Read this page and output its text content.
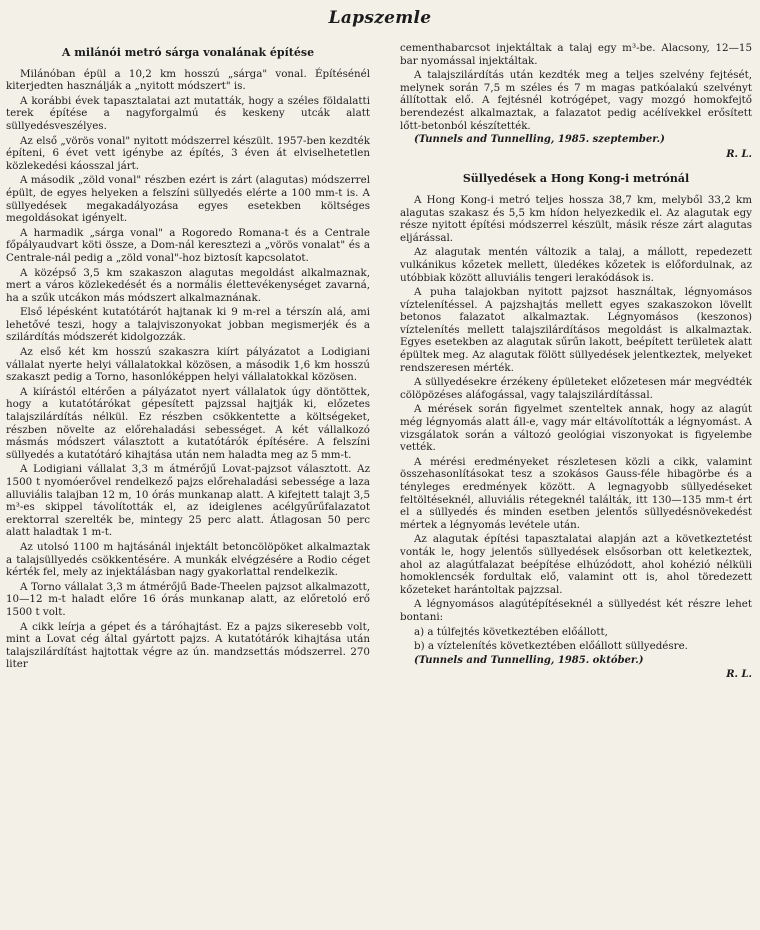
Lapszemle
A milánói metró sárga vonalának építése

Milánóban épül a 10,2 km hosszú „sárga" vonal. Építésénél kiterjedten használják a „nyitott módszert" is.

A korábbi évek tapasztalatai azt mutatták, hogy a széles földalatti terek építése a nagyforgalmú és keskeny utcák alatt süllyedésveszélyes.

Az első „vörös vonal" nyitott módszerrel készült. 1957-ben kezdték építeni, 6 évet vett igénybe az építés, 3 éven át elviselhetetlen közlekedési káosszal járt.

A második „zöld vonal" részben ezért is zárt (alagutas) módszerrel épült, de egyes helyeken a felszíni süllyedés elérte a 100 mm-t is. A süllyedések megakadályozása egyes esetekben költséges megoldásokat igényelt.

A harmadik „sárga vonal" a Rogoredo Romana-t és a Centrale főpályaudvart köti össze, a Dom-nál keresztezi a „vörös vonalat" és a Centrale-nál pedig a „zöld vonal"-hoz biztosít kapcsolatot.

A középső 3,5 km szakaszon alagutas megoldást alkalmaznak, mert a város közlekedését és a normális élettevékenységet zavarná, ha a szűk utcákon más módszert alkalmaznának.

Első lépésként kutatótárót hajtanak ki 9 m-rel a térszín alá, ami lehetővé teszi, hogy a talajviszonyokat jobban megismerjék és a szilárdítás módszerét kidolgozzák.

Az első két km hosszú szakaszra kiírt pályázatot a Lodigiani vállalat nyerte helyi vállalatokkal közösen, a második 1,6 km hosszú szakaszt pedig a Torno, hasonlóképpen helyi vállalatokkal közösen.

A kiírástól eltérően a pályázatot nyert vállalatok úgy döntöttek, hogy a kutatótárókat gépesített pajzssal hajtják ki, előzetes talajszilárdítás nélkül. Ez részben csökkentette a költségeket, részben növelte az előrehaladási sebességet. A két vállalkozó másmás módszert választott a kutatótárók építésére. A felszíni süllyedés a kutatótáró kihajtása után nem haladta meg az 5 mm-t.

A Lodigiani vállalat 3,3 m átmérőjű Lovat-pajzsot választott. Az 1500 t nyomóerővel rendelkező pajzs előrehaladási sebessége a laza alluviális talajban 12 m, 10 órás munkanap alatt. A kifejtett talajt 3,5 m³-es skippel távolították el, az ideiglenes acélgyűrűfalazatot erektorral szerelték be, mintegy 25 perc alatt. Átlagosan 50 perc alatt haladtak 1 m-t.

Az utolsó 1100 m hajtásánál injektált betoncölöpöket alkalmaztak a talajsüllyedés csökkentésére. A munkák elvégzésére a Rodio céget kérték fel, mely az injektálásban nagy gyakorlattal rendelkezik.

A Torno vállalat 3,3 m átmérőjű Bade-Theelen pajzsot alkalmazott, 10—12 m-t haladt előre 16 órás munkanap alatt, az előretoló erő 1500 t volt.

A cikk leírja a gépet és a táróhajtást. Ez a pajzs sikeresebb volt, mint a Lovat cég által gyártott pajzs. A kutatótárók kihajtása után talajszilárdítást hajtottak végre az ún. mandzsettás módszerrel. 270 liter

cementhabarcsot injektáltak a talaj egy m³-be. Alacsony, 12—15 bar nyomással injektáltak.

A talajszilárdítás után kezdték meg a teljes szelvény fejtését, melynek során 7,5 m széles és 7 m magas patkóalakú szelvényt állítottak elő. A fejtésnél kotrógépet, vagy mozgó homokfejtő berendezést alkalmaztak, a falazatot pedig acélívekkel erősített lőtt-betonból készítették.

(Tunnels and Tunnelling, 1985. szeptember.)

R. L.
Süllyedések a Hong Kong-i metrónál

A Hong Kong-i metró teljes hossza 38,7 km, melyből 33,2 km alagutas szakasz és 5,5 km hídon helyezkedik el. Az alagutak egy része nyitott építési módszerrel készült, másik része zárt alagutas eljárással.

Az alagutak mentén változik a talaj, a mállott, repedezett vulkánikus kőzetek mellett, üledékes kőzetek is előfordulnak, az utóbbiak között alluviális tengeri lerakódások is.

A puha talajokban nyitott pajzsot használtak, légnyomásos víztelenítéssel. A pajzshajtás mellett egyes szakaszokon lövellt betonos falazatot alkalmaztak. Légnyomásos (keszonos) víztelenítés mellett talajszilárdításos megoldást is alkalmaztak. Egyes esetekben az alagutak sűrűn lakott, beépített területek alatt épültek meg. Az alagutak fölött süllyedések jelentkeztek, melyeket rendszeresen mérték.

A süllyedésekre érzékeny épületeket előzetesen már megvédték cölöpözéses aláfogással, vagy talajszilárdítással.

A mérések során figyelmet szenteltek annak, hogy az alagút még légnyomás alatt áll-e, vagy már eltávolították a légnyomást. A vizsgálatok során a változó geológiai viszonyokat is figyelembe vették.

A mérési eredményeket részletesen közli a cikk, valamint összehasonlításokat tesz a szokásos Gauss-féle hibagörbe és a tényleges eredmények között. A legnagyobb süllyedéseket feltöltéseknél, alluviális rétegeknél találták, itt 130—135 mm-t ért el a süllyedés és minden esetben jelentős süllyedésnövekedést mértek a légnyomás levétele után.

Az alagutak építési tapasztalatai alapján azt a következtetést vonták le, hogy jelentős süllyedések elsősorban ott keletkeztek, ahol az alagútfalazat beépítése elhúzódott, ahol kohézió nélküli homoklencsék fordultak elő, valamint ott is, ahol töredezett kőzeteket harántoltak pajzzsal.

A légnyomásos alagútépítéseknél a süllyedést két részre lehet bontani:

a) a túlfejtés következtében előállott,

b) a víztelenítés következtében előállott süllyedésre.

(Tunnels and Tunnelling, 1985. október.)

R. L.
